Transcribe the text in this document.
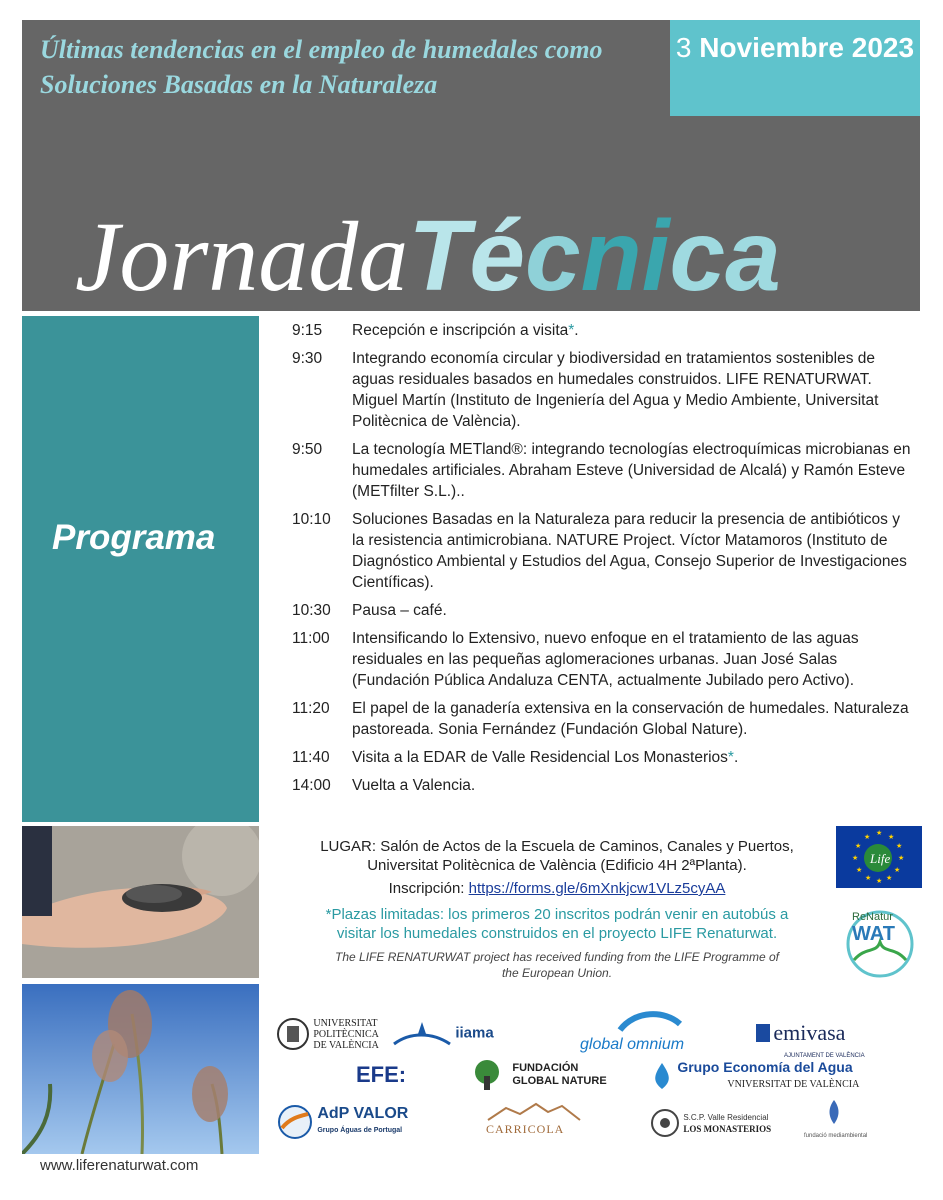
Últimas tendencias en el empleo de humedales como Soluciones Basadas en la Naturaleza

3 Noviembre 2023
JornadaTécnica
Programa
9:15	Recepción e inscripción a visita*.
9:30	Integrando economía circular y biodiversidad en tratamientos sostenibles de aguas residuales basados en humedales construidos. LIFE RENATURWAT. Miguel Martín (Instituto de Ingeniería del Agua y Medio Ambiente, Universitat Politècnica de València).
9:50	La tecnología METland®: integrando tecnologías electroquímicas microbianas en humedales artificiales. Abraham Esteve (Universidad de Alcalá) y Ramón Esteve (METfilter S.L.)..
10:10	Soluciones Basadas en la Naturaleza para reducir la presencia de antibióticos y la resistencia antimicrobiana. NATURE Project. Víctor Matamoros (Instituto de Diagnóstico Ambiental y Estudios del Agua, Consejo Superior de Investigaciones Científicas).
10:30	Pausa – café.
11:00	Intensificando lo Extensivo, nuevo enfoque en el tratamiento de las aguas residuales en las pequeñas aglomeraciones urbanas. Juan José Salas (Fundación Pública Andaluza CENTA, actualmente Jubilado pero Activo).
11:20	El papel de la ganadería extensiva en la conservación de humedales. Naturaleza pastoreada. Sonia Fernández (Fundación Global Nature).
11:40	Visita a la EDAR de Valle Residencial Los Monasterios*.
14:00	Vuelta a Valencia.
LUGAR: Salón de Actos de la Escuela de Caminos, Canales y Puertos,
Universitat Politècnica de València (Edificio 4H 2ªPlanta).
Inscripción: https://forms.gle/6mXnkjcw1VLz5cyAA
*Plazas limitadas: los primeros 20 inscritos podrán venir en autobús a
visitar los humedales construidos en el proyecto LIFE Renaturwat.
The LIFE RENATURWAT project has received funding from the LIFE Programme of
the European Union.
★ ★
★
★
★
★
★
★
★
★
★
★
Life
ReNatur
WAT
UNIVERSITAT
POLITÈCNICA
DE VALÈNCIA
iiama
global omnium	emivasa
AJUNTAMENT DE VALÈNCIA
EFE:	FUNDACIÓN
GLOBAL NATURE
Grupo Economía del Agua
VNIVERSITAT DE VALÈNCIA
AdP VALOR
Grupo Águas de Portugal	CARRICOLA
S.C.P. Valle Residencial
LOS MONASTERIOS
fundació mediambiental
www.liferenaturwat.com
